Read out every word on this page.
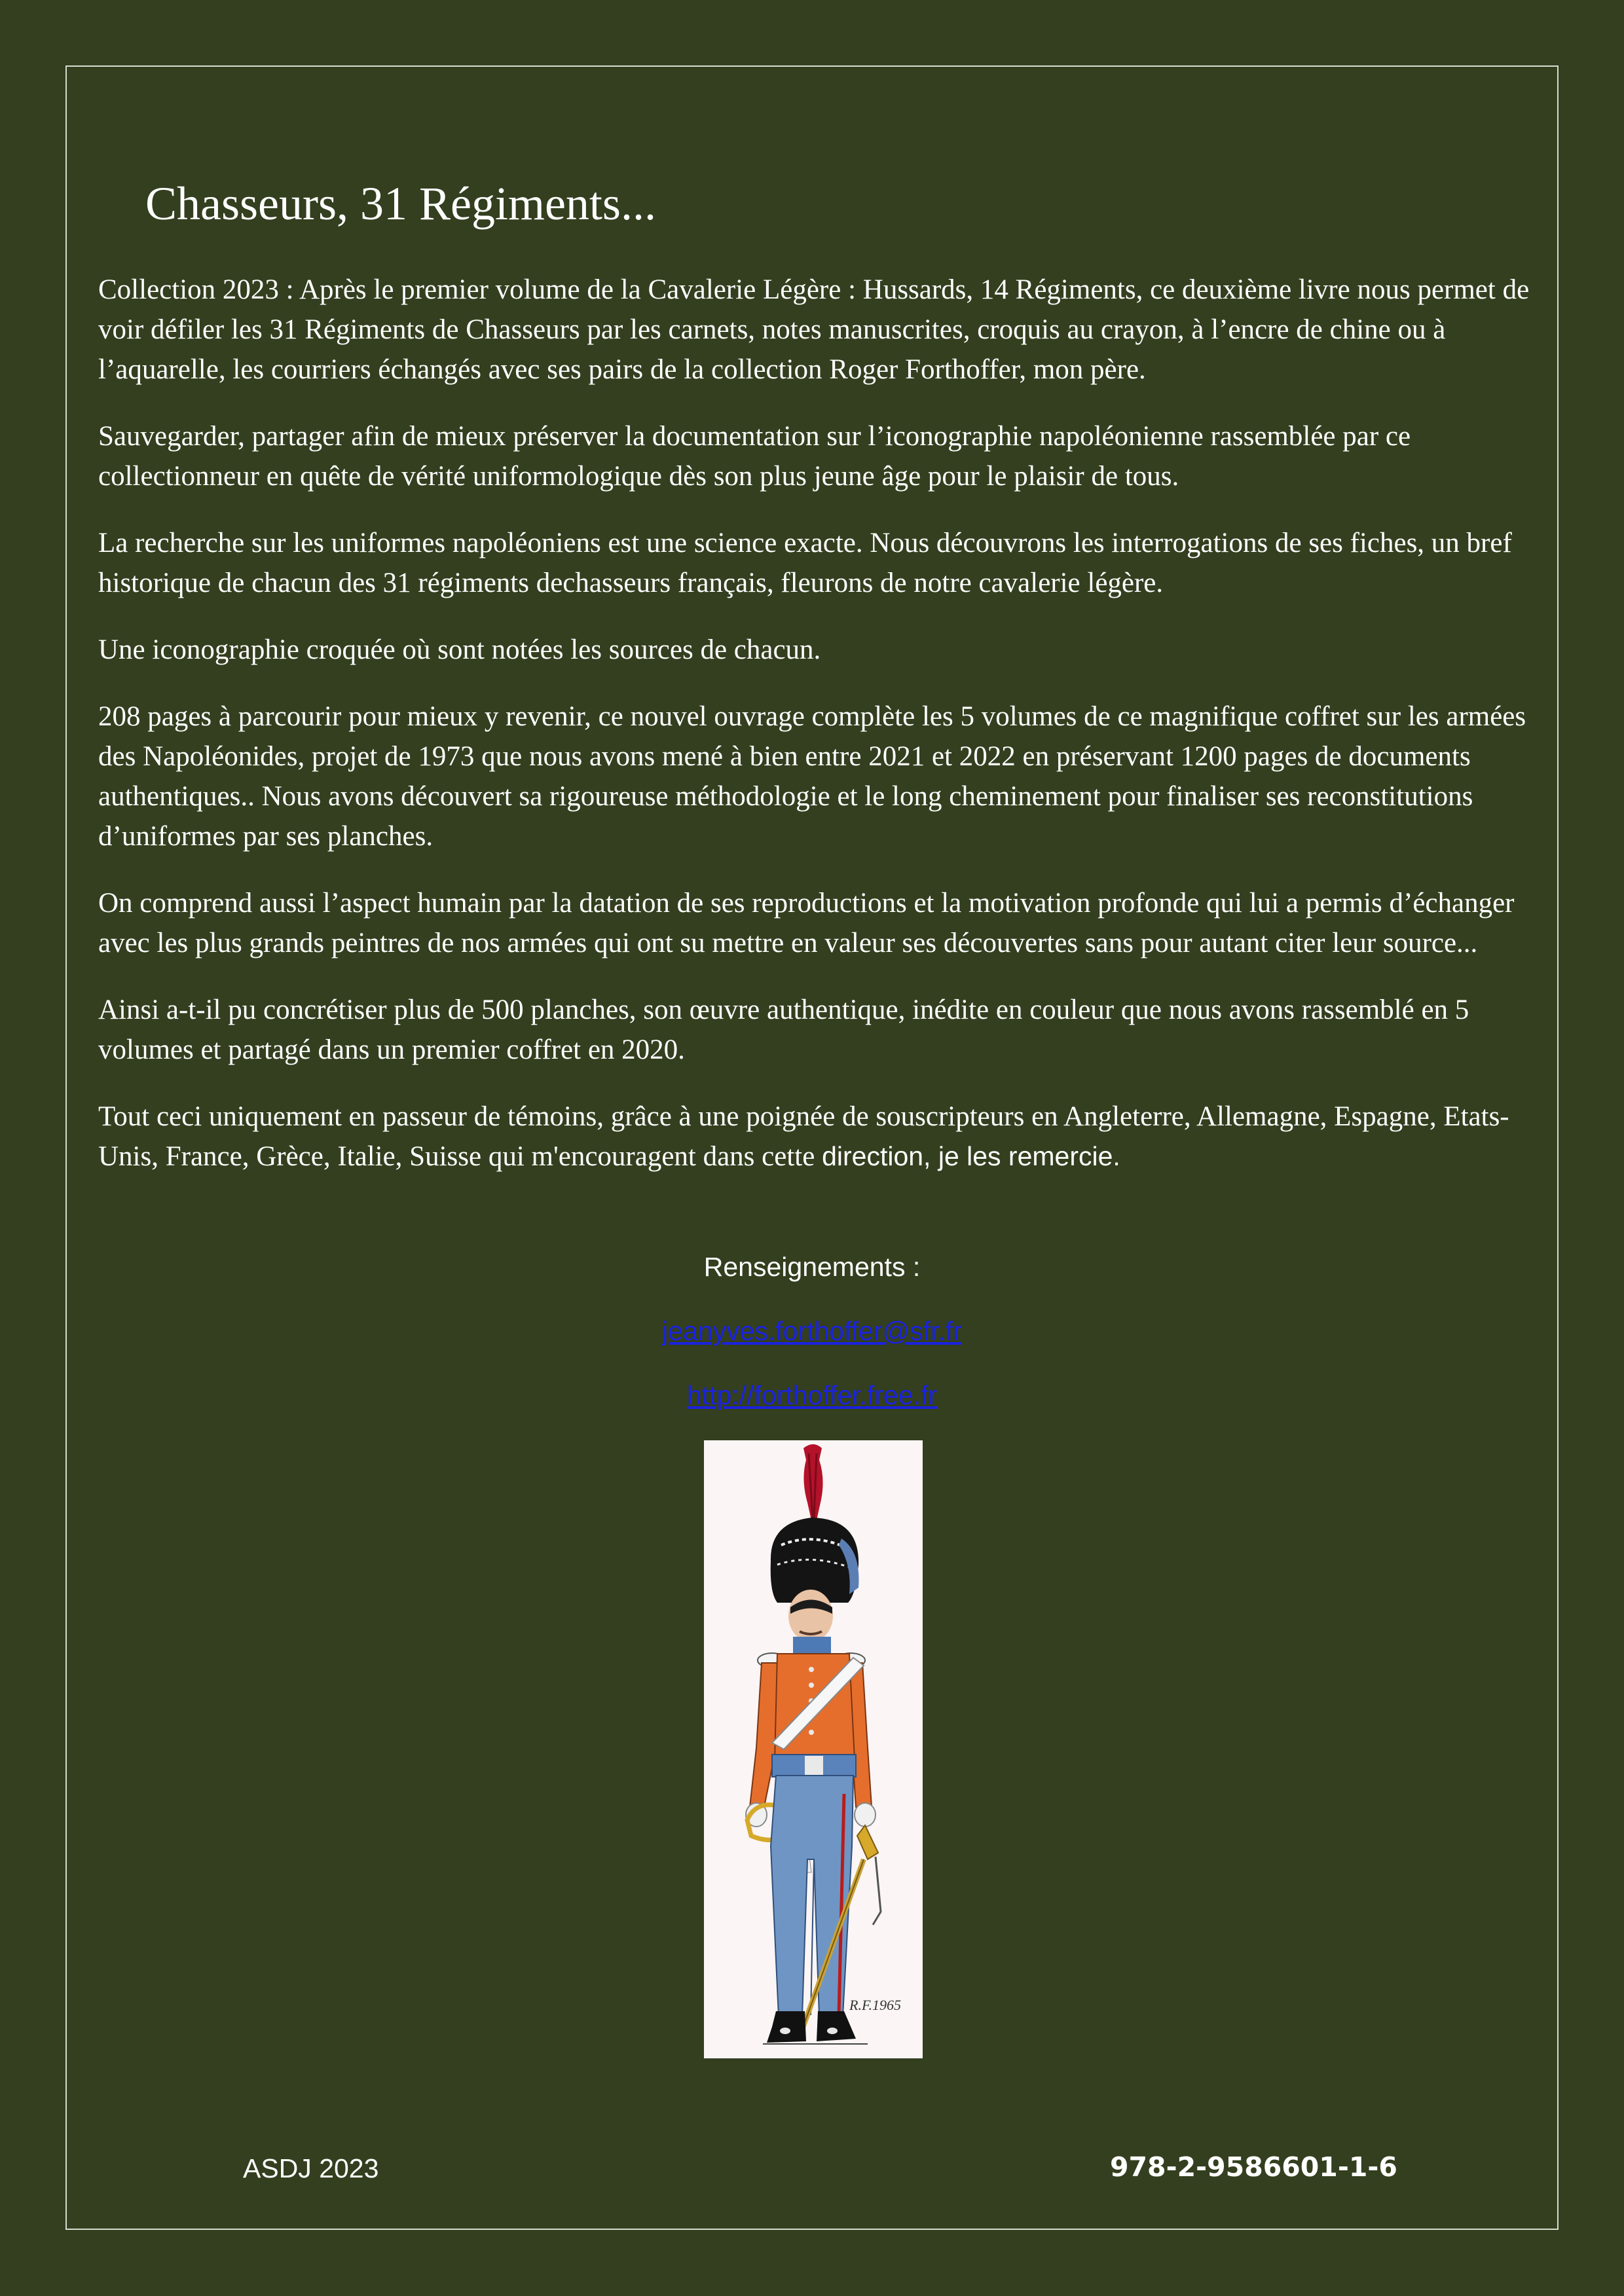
Chasseurs, 31 Régiments...

Collection 2023 : Après le premier volume de la Cavalerie Légère : Hussards, 14 Régiments, ce deuxième livre nous permet de voir défiler les 31 Régiments de Chasseurs par les carnets, notes manuscrites, croquis au crayon, à l’encre de chine ou à l’aquarelle, les courriers échangés avec ses pairs de la collection Roger Forthoffer, mon père.

Sauvegarder, partager afin de mieux préserver la documentation sur l’iconographie napoléonienne rassemblée par ce collectionneur en quête de vérité uniformologique dès son plus jeune âge pour le plaisir de tous.

La recherche sur les uniformes napoléoniens est une science exacte. Nous découvrons les interrogations de ses fiches, un bref historique de chacun des 31 régiments dechasseurs français, fleurons de notre cavalerie légère.

Une iconographie croquée où sont notées les sources de chacun.

208 pages à parcourir pour mieux y revenir, ce nouvel ouvrage complète les 5 volumes de ce magnifique coffret sur les armées des Napoléonides, projet de 1973 que nous avons mené à bien entre 2021 et 2022 en préservant 1200 pages de documents authentiques.. Nous avons découvert sa rigoureuse méthodologie et le long cheminement pour finaliser ses reconstitutions d’uniformes par ses planches.

On comprend aussi l’aspect humain par la datation de ses reproductions et la motivation profonde qui lui a permis d’échanger avec les plus grands peintres de nos armées qui ont su mettre en valeur ses découvertes sans pour autant citer leur source...

Ainsi a-t-il pu concrétiser plus de 500 planches, son œuvre authentique, inédite en couleur que nous avons rassemblé en 5 volumes et partagé dans un premier coffret en 2020.

Tout ceci uniquement en passeur de témoins, grâce à une poignée de souscripteurs en Angleterre, Allemagne, Espagne, Etats-Unis, France, Grèce, Italie, Suisse qui m'encouragent dans cette direction, je les remercie.

Renseignements :
jeanyves.forthoffer@sfr.fr
http://forthoffer.free.fr
R.F.1965
ASDJ 2023	978-2-9586601-1-6
